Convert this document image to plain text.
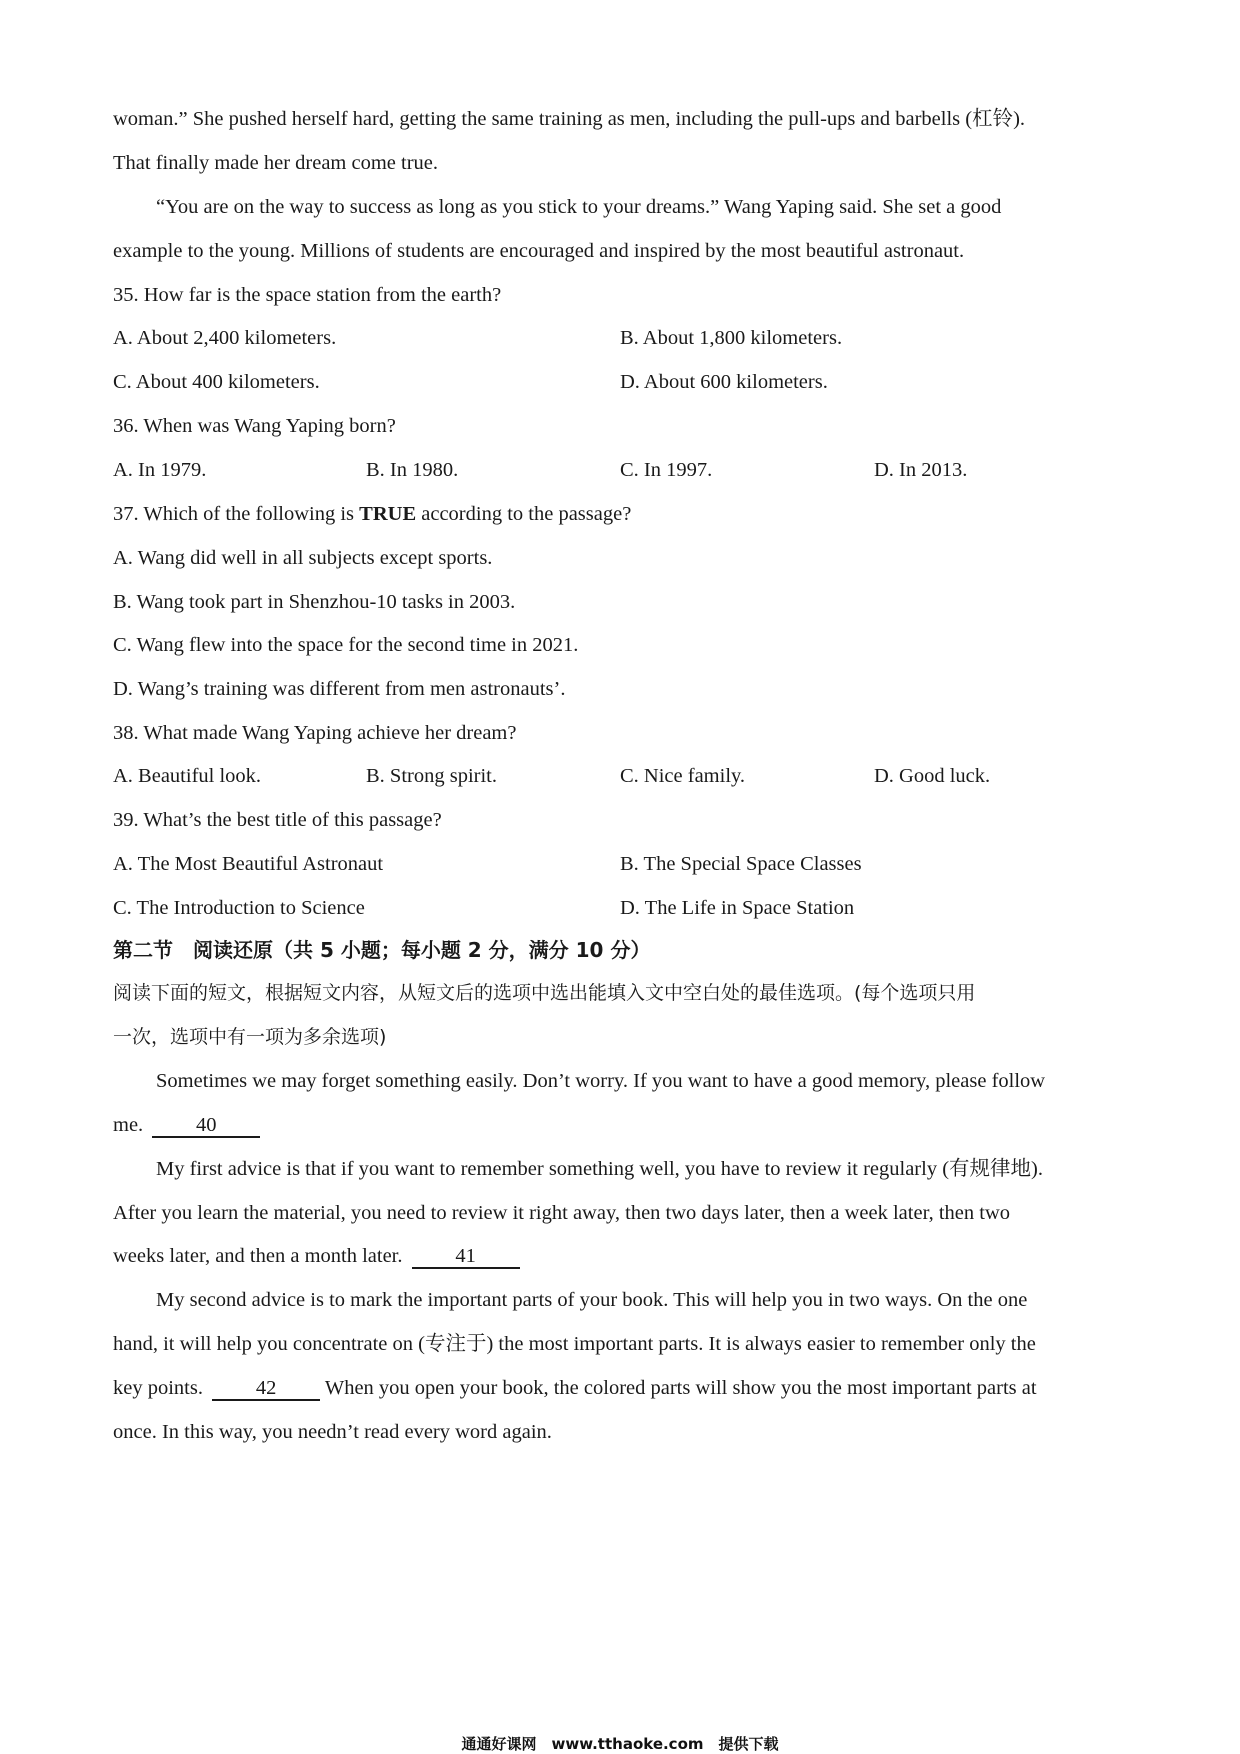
woman.” She pushed herself hard, getting the same training as men, including the pull-ups and barbells (杠铃).
That finally made her dream come true.
“You are on the way to success as long as you stick to your dreams.” Wang Yaping said. She set a good
example to the young. Millions of students are encouraged and inspired by the most beautiful astronaut.
35. How far is the space station from the earth?
A. About 2,400 kilometers.	B. About 1,800 kilometers.
C. About 400 kilometers.	D. About 600 kilometers.
36. When was Wang Yaping born?
A. In 1979.	B. In 1980.	C. In 1997.	D. In 2013.
37. Which of the following is TRUE according to the passage?
A. Wang did well in all subjects except sports.
B. Wang took part in Shenzhou-10 tasks in 2003.
C. Wang flew into the space for the second time in 2021.
D. Wang’s training was different from men astronauts’.
38. What made Wang Yaping achieve her dream?
A. Beautiful look.	B. Strong spirit.	C. Nice family.	D. Good luck.
39. What’s the best title of this passage?
A. The Most Beautiful Astronaut	B. The Special Space Classes
C. The Introduction to Science	D. The Life in Space Station
第二节　阅读还原（共 5 小题；每小题 2 分，满分 10 分）
阅读下面的短文，根据短文内容，从短文后的选项中选出能填入文中空白处的最佳选项。(每个选项只用
一次，选项中有一项为多余选项)
Sometimes we may forget something easily. Don’t worry. If you want to have a good memory, please follow
me.	40
My first advice is that if you want to remember something well, you have to review it regularly (有规律地).
After you learn the material, you need to review it right away, then two days later, then a week later, then two
weeks later, and then a month later.	41
My second advice is to mark the important parts of your book. This will help you in two ways. On the one
hand, it will help you concentrate on (专注于) the most important parts. It is always easier to remember only the
key points.	42 When you open your book, the colored parts will show you the most important parts at
once. In this way, you needn’t read every word again.
通通好课网　www.tthaoke.com　提供下载
